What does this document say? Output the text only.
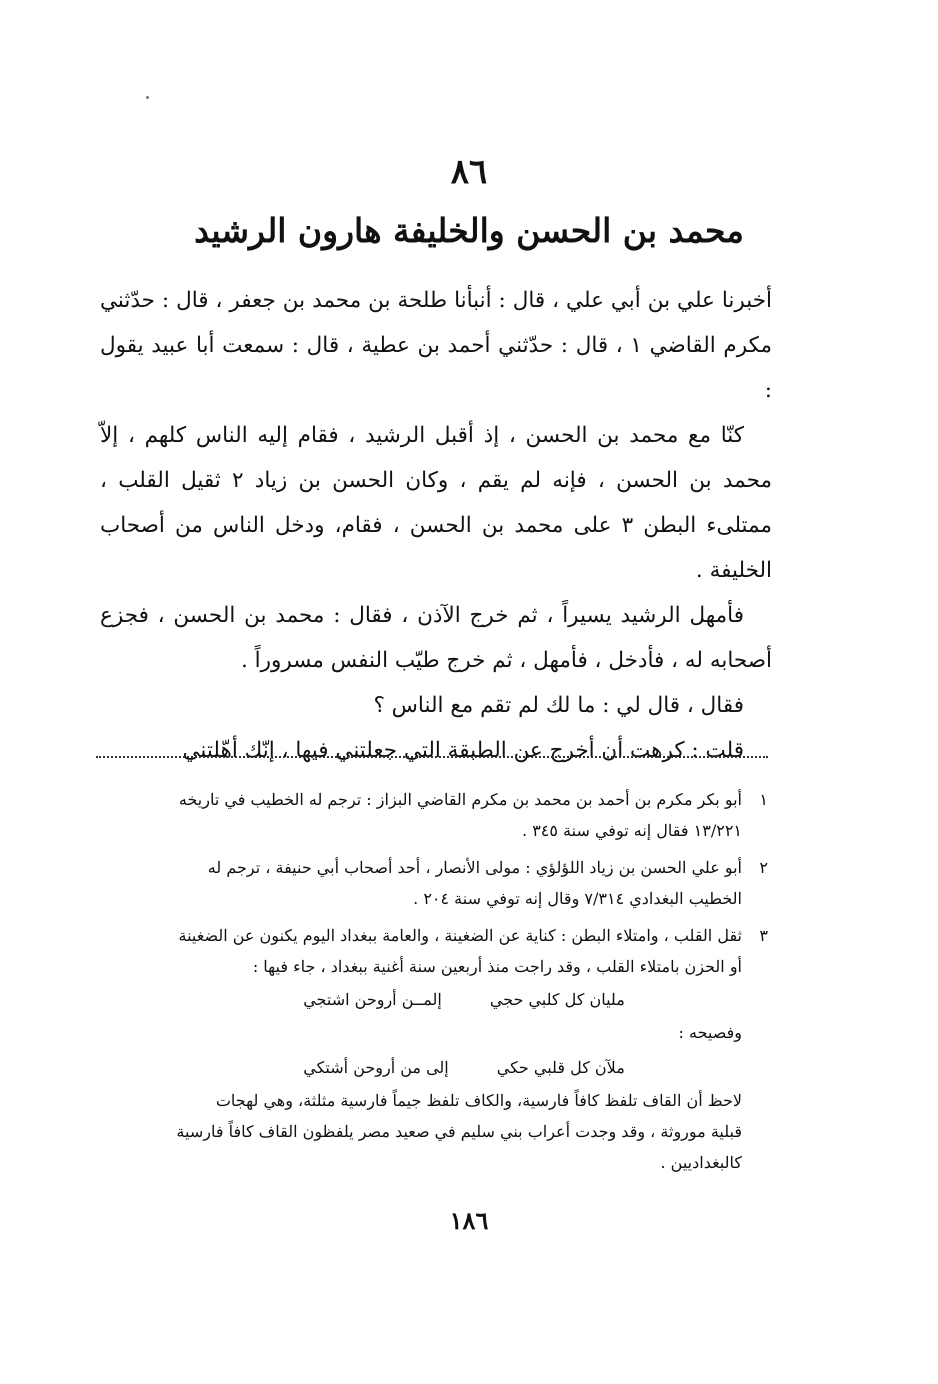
٨٦
محمد بن الحسن والخليفة هارون الرشيد

أخبرنا علي بن أبي علي ، قال : أنبأنا طلحة بن محمد بن جعفر ، قال : حدّثني مكرم القاضي ١ ، قال : حدّثني أحمد بن عطية ، قال : سمعت أبا عبيد يقول :

كنّا مع محمد بن الحسن ، إذ أقبل الرشيد ، فقام إليه الناس كلهم ، إلاّ محمد بن الحسن ، فإنه لم يقم ، وكان الحسن بن زياد ٢ ثقيل القلب ، ممتلىء البطن ٣ على محمد بن الحسن ، فقام، ودخل الناس من أصحاب الخليفة .

فأمهل الرشيد يسيراً ، ثم خرج الآذن ، فقال : محمد بن الحسن ، فجزع أصحابه له ، فأدخل ، فأمهل ، ثم خرج طيّب النفس مسروراً .

فقال ، قال لي : ما لك لم تقم مع الناس ؟

قلت : كرهت أن أخرج عن الطبقة التي جعلتني فيها ، إنّك أهّلتني

١

أبو بكر مكرم بن أحمد بن محمد بن مكرم القاضي البزاز : ترجم له الخطيب في تاريخه

١٣/٢٢١ فقال إنه توفي سنة ٣٤٥ .

٢

أبو علي الحسن بن زياد اللؤلؤي : مولى الأنصار ، أحد أصحاب أبي حنيفة ، ترجم له

الخطيب البغدادي ٧/٣١٤ وقال إنه توفي سنة ٢٠٤ .

٣

ثقل القلب ، وامتلاء البطن : كناية عن الضغينة ، والعامة ببغداد اليوم يكنون عن الضغينة

أو الحزن بامتلاء القلب ، وقد راجت منذ أربعين سنة أغنية ببغداد ، جاء فيها :

مليان كل كلبي حجي
إلمــن أروحن اشتجي

وفصيحه :

ملآن كل قلبي حكي
إلى من أروحن أشتكي

لاحظ أن القاف تلفظ كافاً فارسية، والكاف تلفظ جيماً فارسية مثلثة، وهي لهجات

قبلية موروثة ، وقد وجدت أعراب بني سليم في صعيد مصر يلفظون القاف كافاً فارسية

كالبغداديين .

١٨٦
